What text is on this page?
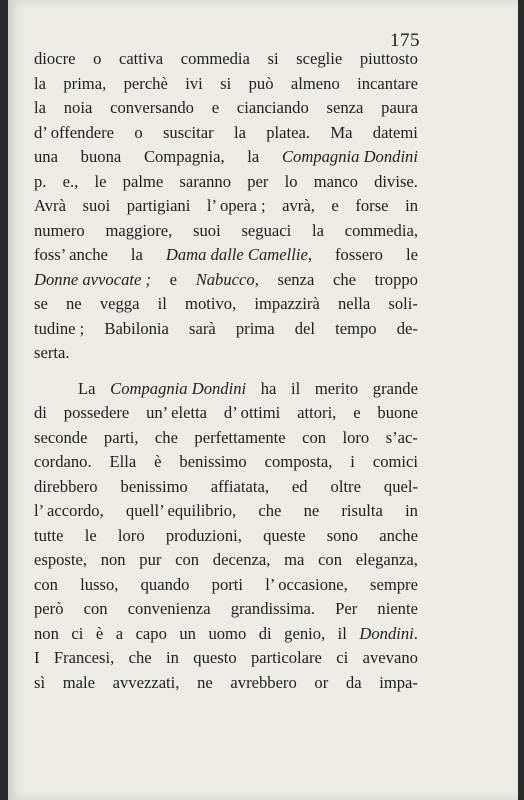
175
diocre o cattiva commedia si sceglie piuttosto
la prima, perchè ivi si può almeno incantare
la noia conversando e cianciando senza paura
d’ offendere o suscitar la platea. Ma datemi
una buona Compagnia, la Compagnia Dondini
p. e., le palme saranno per lo manco divise.
Avrà suoi partigiani l’ opera ; avrà, e forse in
numero maggiore, suoi seguaci la commedia,
foss’ anche la Dama dalle Camellie, fossero le
Donne avvocate ; e Nabucco, senza che troppo
se ne vegga il motivo, impazzirà nella soli-
tudine ; Babilonia sarà prima del tempo de-
serta.
La Compagnia Dondini ha il merito grande
di possedere un’ eletta d’ ottimi attori, e buone
seconde parti, che perfettamente con loro s’ac-
cordano. Ella è benissimo composta, i comici
direbbero benissimo affiatata, ed oltre quel-
l’ accordo, quell’ equilibrio, che ne risulta in
tutte le loro produzioni, queste sono anche
esposte, non pur con decenza, ma con eleganza,
con lusso, quando porti l’ occasione, sempre
però con convenienza grandissima. Per niente
non ci è a capo un uomo di genio, il Dondini.
I Francesi, che in questo particolare ci avevano
sì male avvezzati, ne avrebbero or da impa-
